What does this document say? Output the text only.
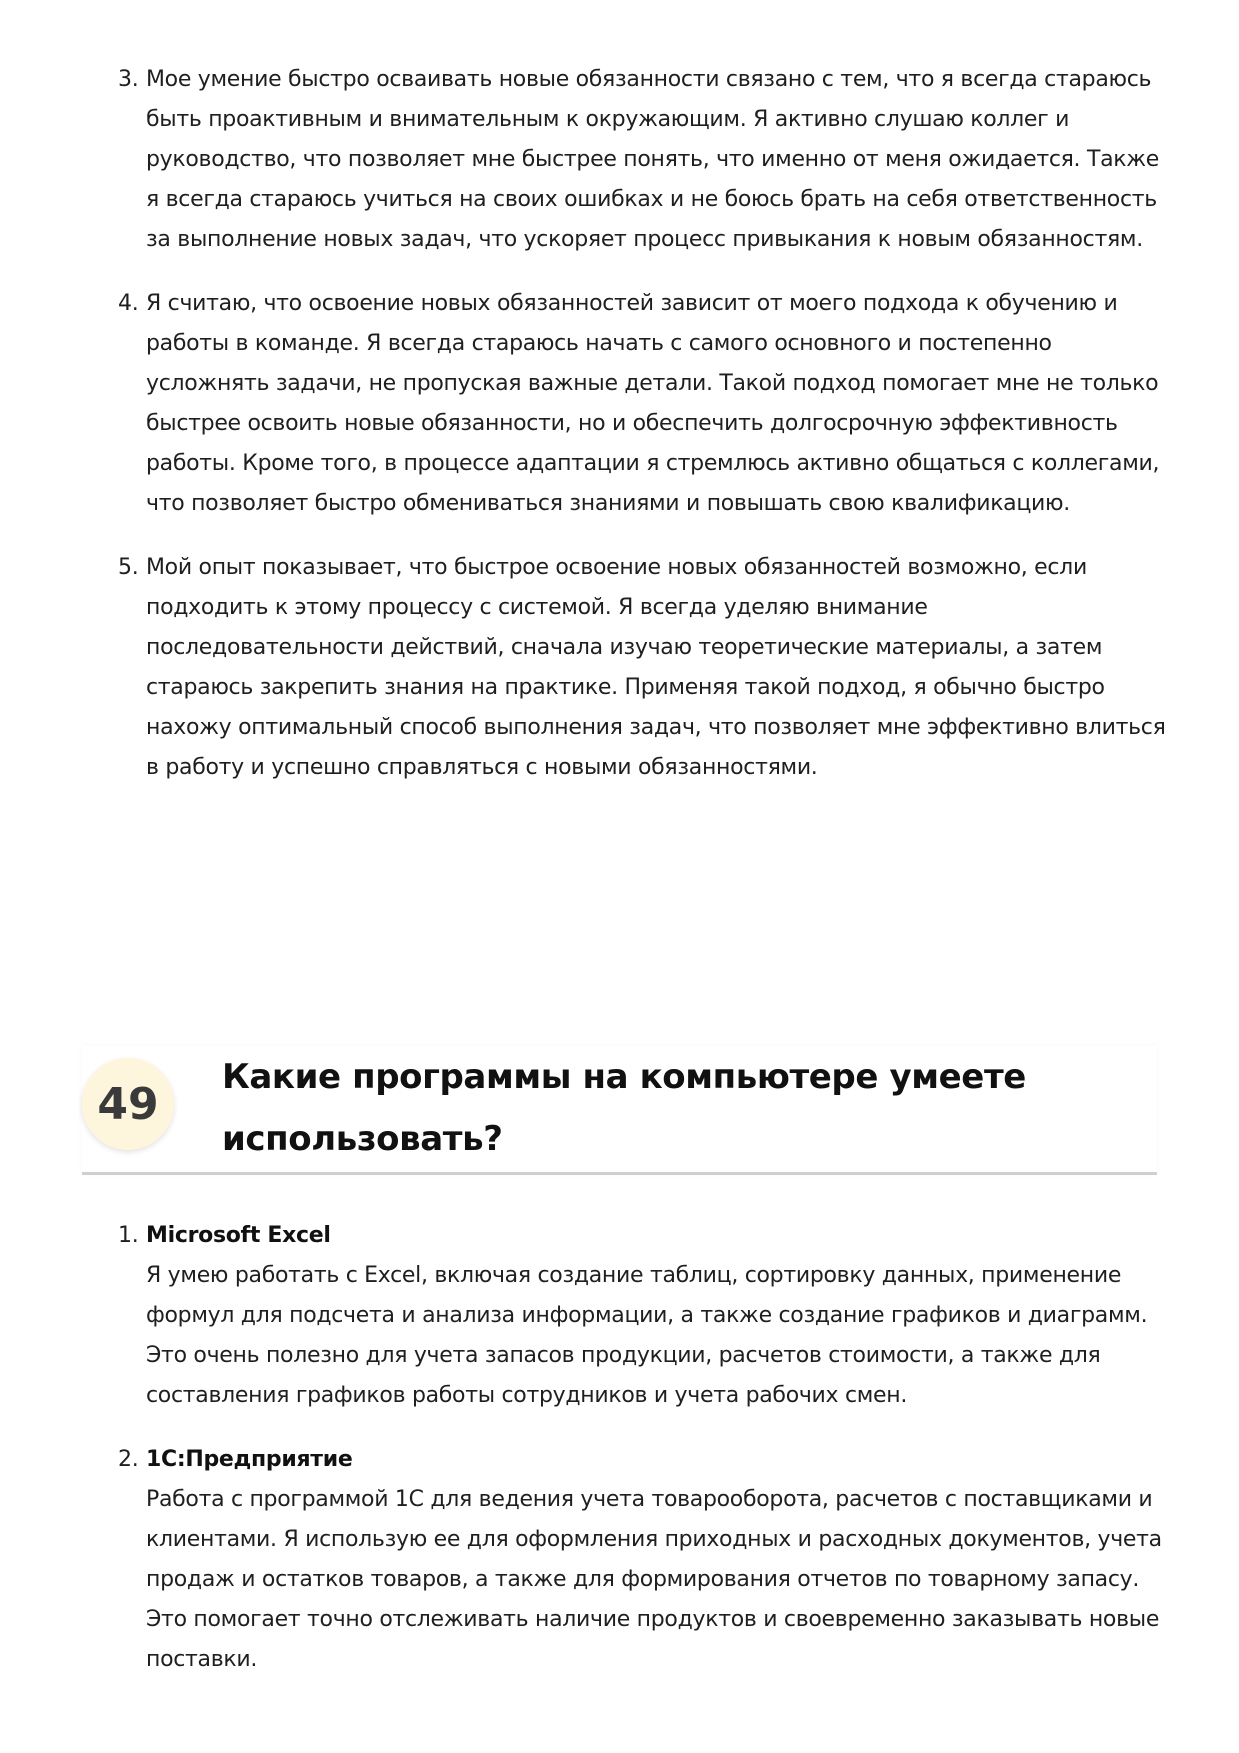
3. Мое умение быстро осваивать новые обязанности связано с тем, что я всегда стараюсь быть проактивным и внимательным к окружающим. Я активно слушаю коллег и руководство, что позволяет мне быстрее понять, что именно от меня ожидается. Также я всегда стараюсь учиться на своих ошибках и не боюсь брать на себя ответственность за выполнение новых задач, что ускоряет процесс привыкания к новым обязанностям.
4. Я считаю, что освоение новых обязанностей зависит от моего подхода к обучению и работы в команде. Я всегда стараюсь начать с самого основного и постепенно усложнять задачи, не пропуская важные детали. Такой подход помогает мне не только быстрее освоить новые обязанности, но и обеспечить долгосрочную эффективность работы. Кроме того, в процессе адаптации я стремлюсь активно общаться с коллегами, что позволяет быстро обмениваться знаниями и повышать свою квалификацию.
5. Мой опыт показывает, что быстрое освоение новых обязанностей возможно, если подходить к этому процессу с системой. Я всегда уделяю внимание последовательности действий, сначала изучаю теоретические материалы, а затем стараюсь закрепить знания на практике. Применяя такой подход, я обычно быстро нахожу оптимальный способ выполнения задач, что позволяет мне эффективно влиться в работу и успешно справляться с новыми обязанностями.
49
Какие программы на компьютере умеете использовать?
1. Microsoft Excel
Я умею работать с Excel, включая создание таблиц, сортировку данных, применение формул для подсчета и анализа информации, а также создание графиков и диаграмм. Это очень полезно для учета запасов продукции, расчетов стоимости, а также для составления графиков работы сотрудников и учета рабочих смен.
2. 1С:Предприятие
Работа с программой 1С для ведения учета товарооборота, расчетов с поставщиками и клиентами. Я использую ее для оформления приходных и расходных документов, учета продаж и остатков товаров, а также для формирования отчетов по товарному запасу. Это помогает точно отслеживать наличие продуктов и своевременно заказывать новые поставки.
